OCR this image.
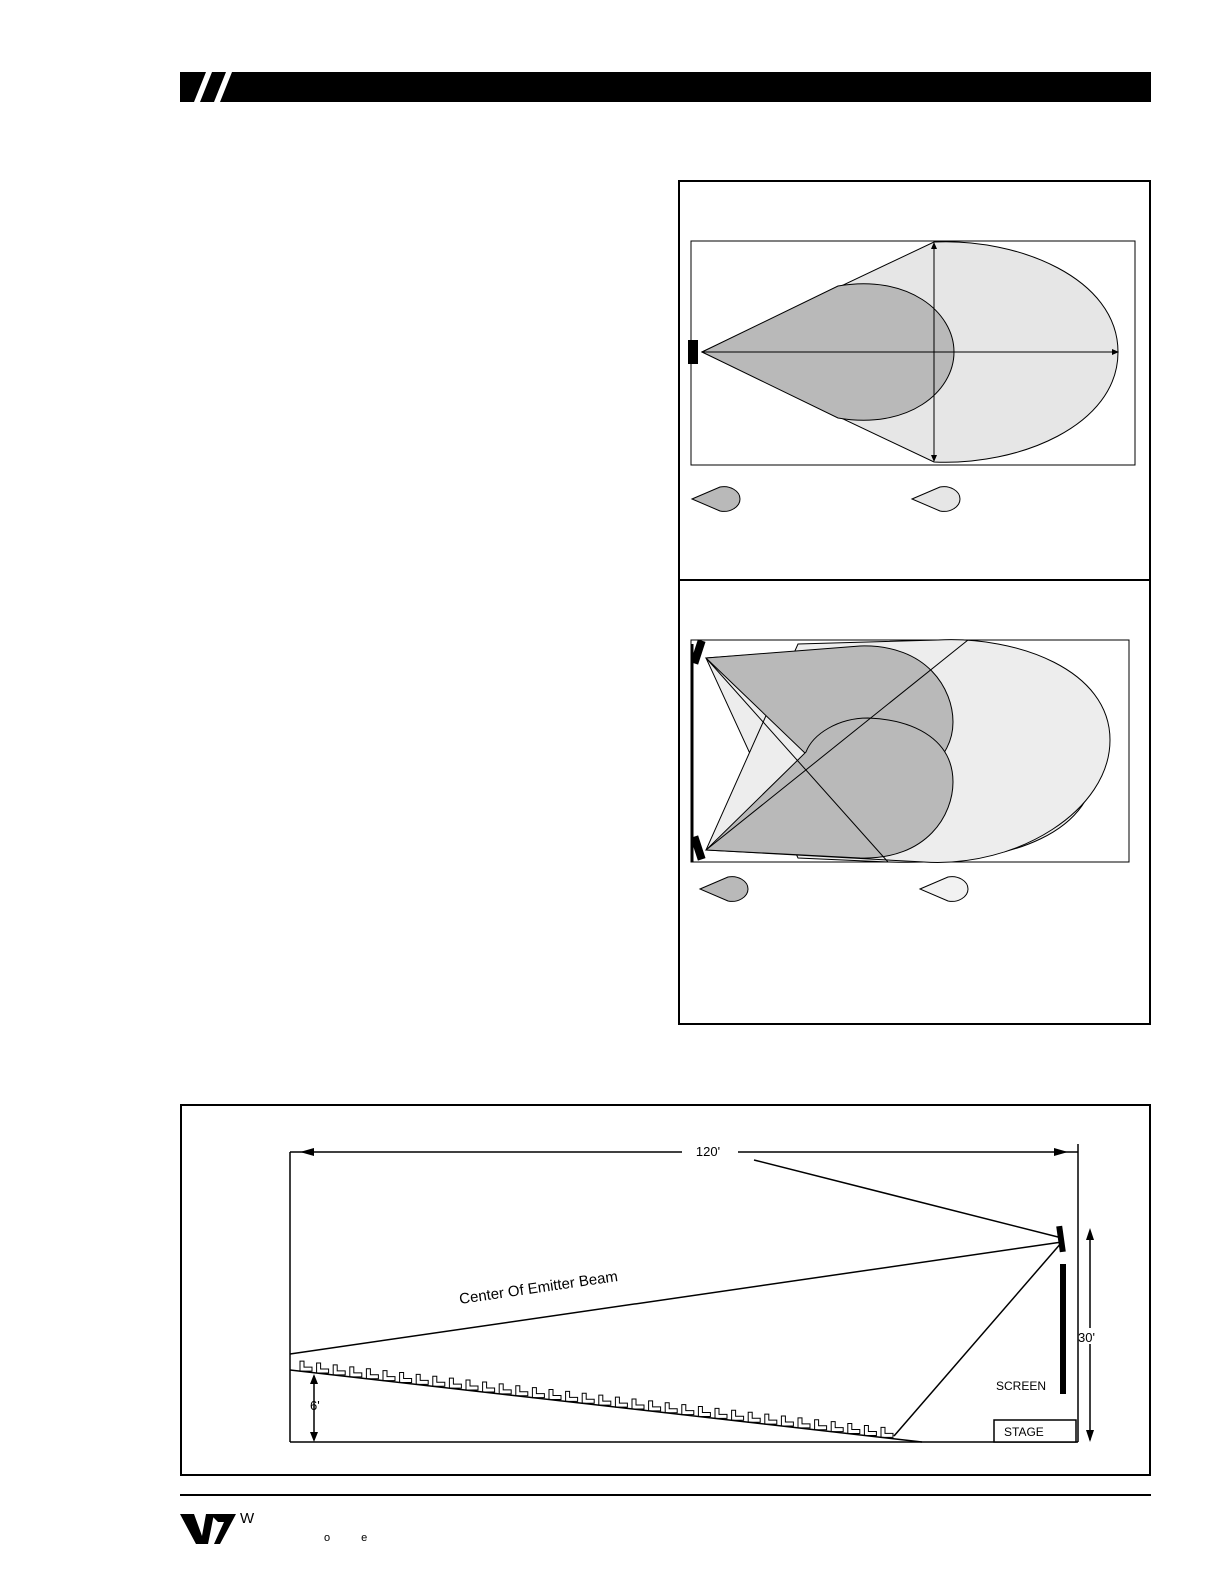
120'
Center Of Emitter Beam
SCREEN
STAGE
30'
6'
W
o e
